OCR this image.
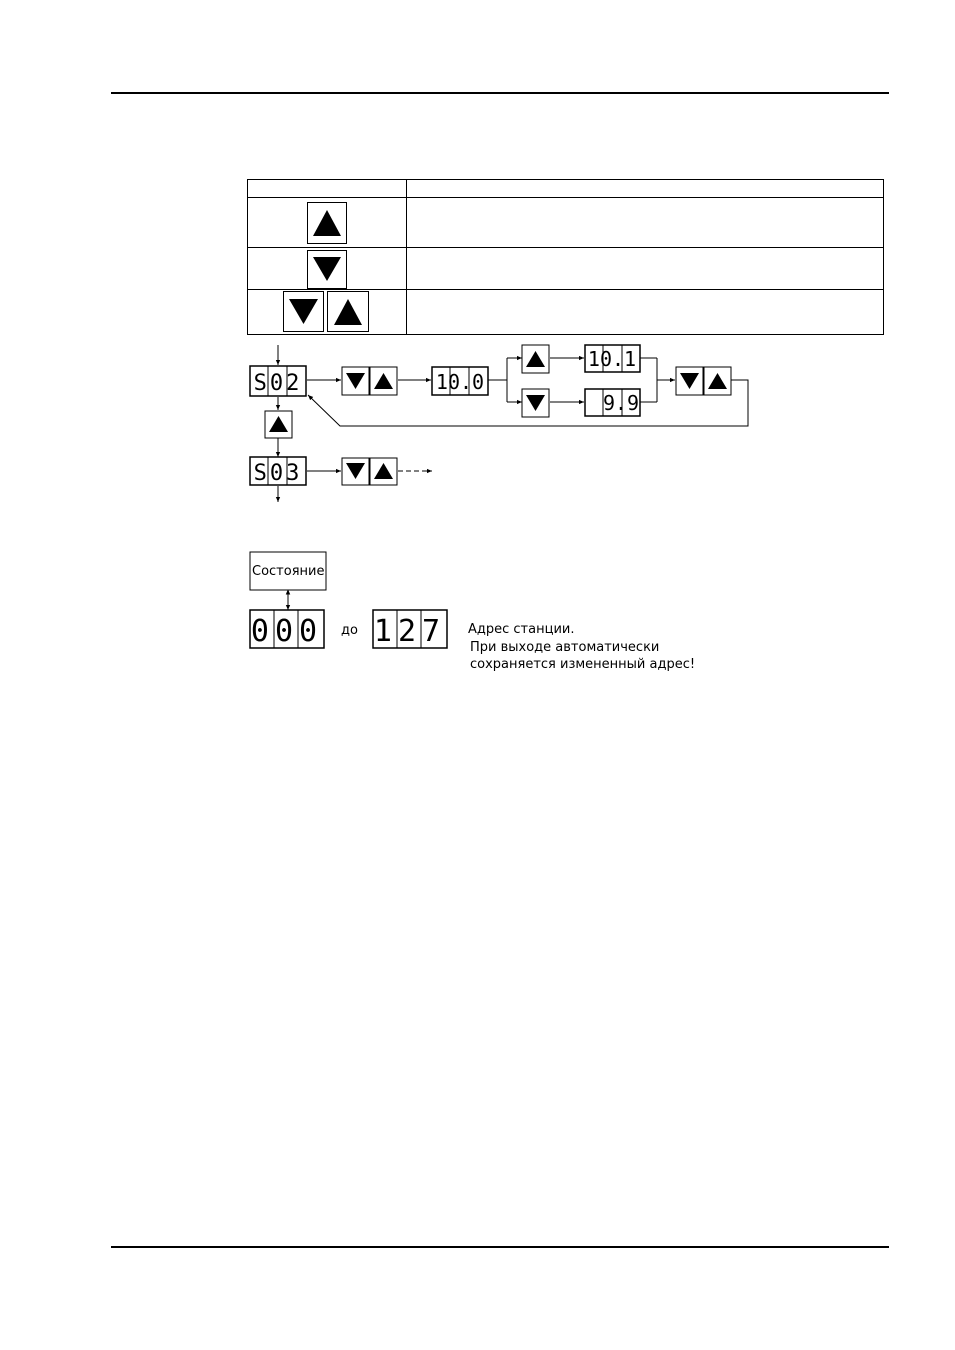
S02	10.0
10.1
9.9
S03
Состояние
000 до 127 Адрес станции.
При выходе автоматически
сохраняется измененный адрес!
